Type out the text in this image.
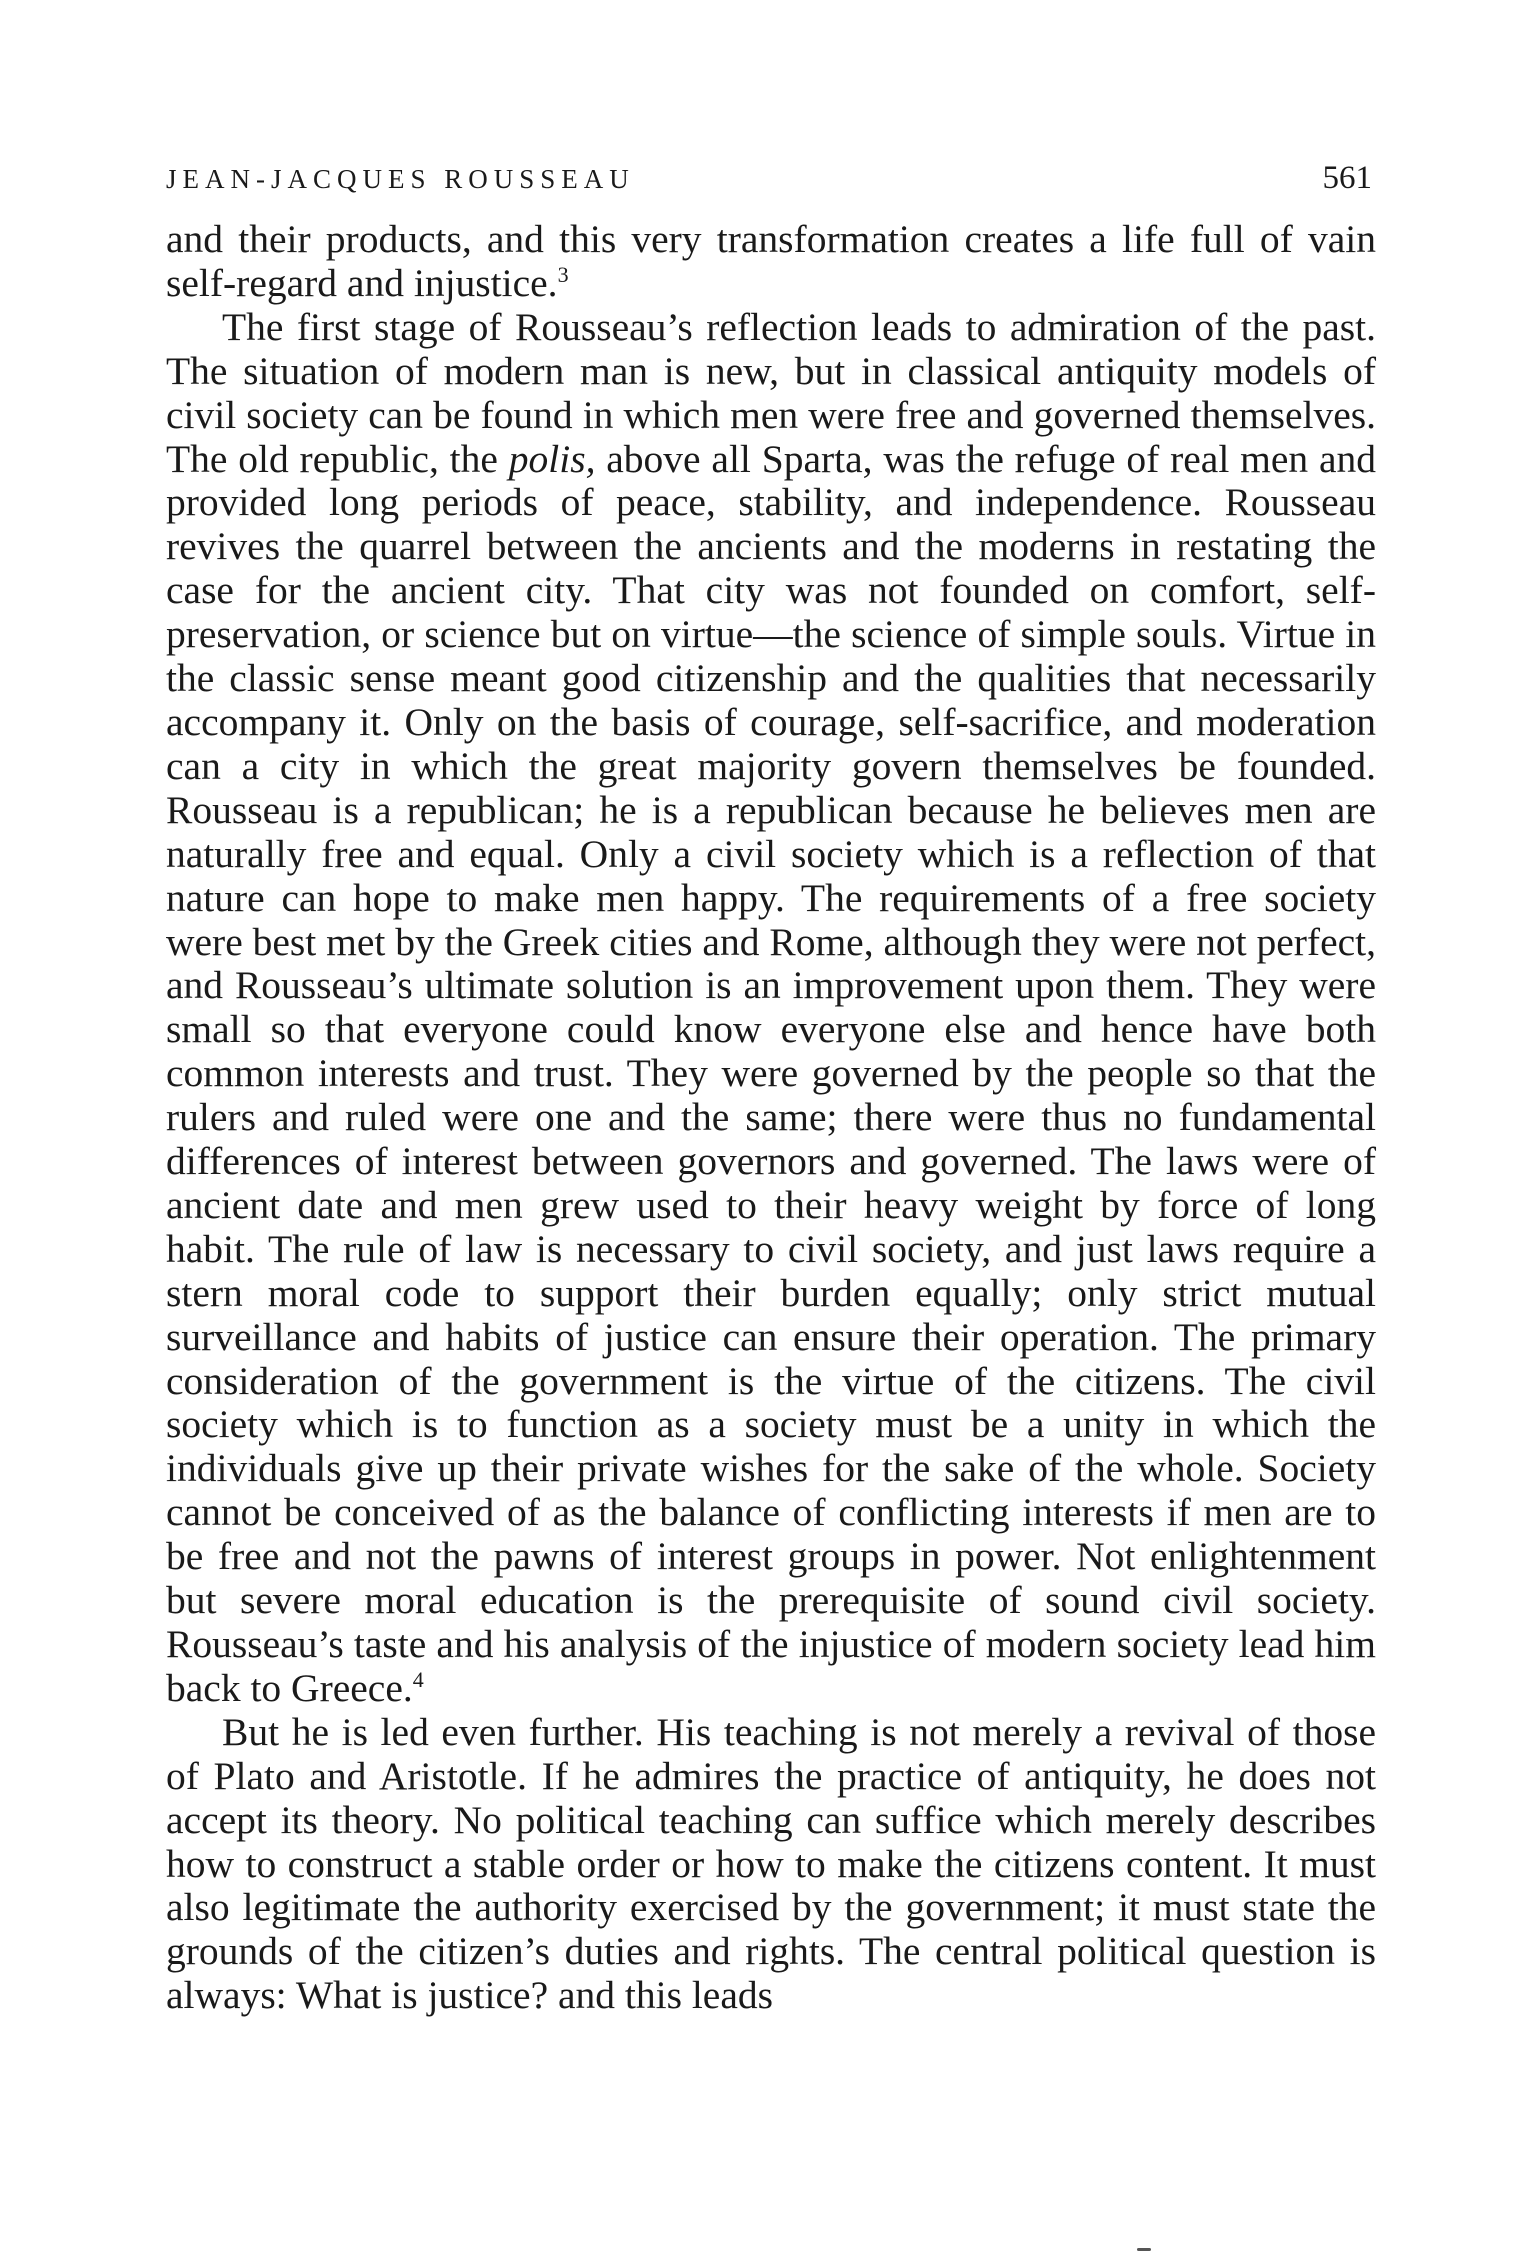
JEAN-JACQUES ROUSSEAU	561

and their products, and this very transformation creates a life full of vain self-regard and injustice.$^3$

The first stage of Rousseau’s reflection leads to admiration of the past. The situation of modern man is new, but in classical antiquity models of civil society can be found in which men were free and governed themselves. The old republic, the polis, above all Sparta, was the refuge of real men and provided long periods of peace, stability, and independence. Rousseau revives the quarrel between the ancients and the moderns in restating the case for the ancient city. That city was not founded on comfort, self-preservation, or science but on virtue—the science of simple souls. Virtue in the classic sense meant good citizenship and the qualities that necessarily accompany it. Only on the basis of courage, self-sacrifice, and moderation can a city in which the great majority govern themselves be founded. Rousseau is a republican; he is a republican because he believes men are naturally free and equal. Only a civil society which is a reflection of that nature can hope to make men happy. The requirements of a free society were best met by the Greek cities and Rome, although they were not perfect, and Rousseau’s ultimate solution is an improvement upon them. They were small so that everyone could know everyone else and hence have both common interests and trust. They were governed by the people so that the rulers and ruled were one and the same; there were thus no fundamental differences of interest between governors and governed. The laws were of ancient date and men grew used to their heavy weight by force of long habit. The rule of law is necessary to civil society, and just laws require a stern moral code to support their burden equally; only strict mutual surveillance and habits of justice can ensure their operation. The primary consideration of the government is the virtue of the citizens. The civil society which is to function as a society must be a unity in which the individuals give up their private wishes for the sake of the whole. Society cannot be conceived of as the balance of conflicting interests if men are to be free and not the pawns of interest groups in power. Not enlightenment but severe moral education is the prerequisite of sound civil society. Rousseau’s taste and his analysis of the injustice of modern society lead him back to Greece.$^4$

But he is led even further. His teaching is not merely a revival of those of Plato and Aristotle. If he admires the practice of antiquity, he does not accept its theory. No political teaching can suffice which merely describes how to construct a stable order or how to make the citizens content. It must also legitimate the authority exercised by the government; it must state the grounds of the citizen’s duties and rights. The central political question is always: What is justice? and this leads
